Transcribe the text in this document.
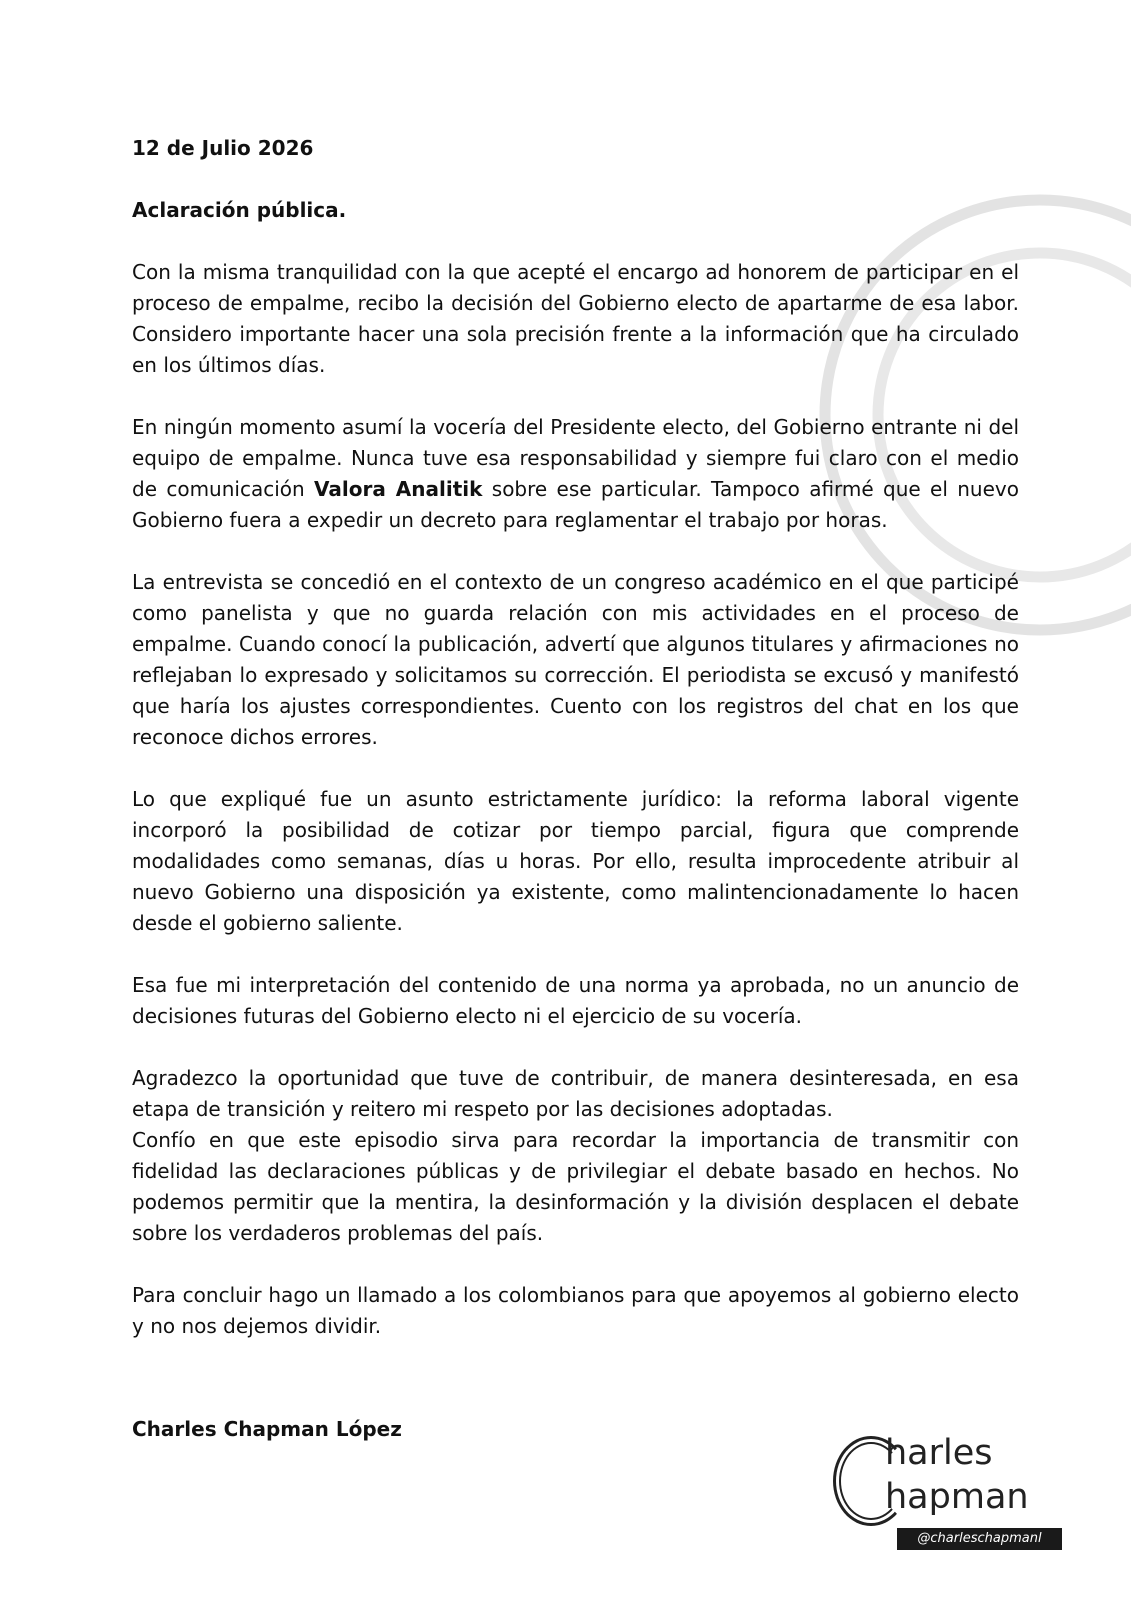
12 de Julio 2026
Aclaración pública.

Con la misma tranquilidad con la que acepté el encargo ad honorem de participar en el proceso de empalme, recibo la decisión del Gobierno electo de apartarme de esa labor. Considero importante hacer una sola precisión frente a la información que ha circulado en los últimos días.

En ningún momento asumí la vocería del Presidente electo, del Gobierno entrante ni del equipo de empalme. Nunca tuve esa responsabilidad y siempre fui claro con el medio de comunicación Valora Analitik sobre ese particular. Tampoco afirmé que el nuevo Gobierno fuera a expedir un decreto para reglamentar el trabajo por horas.

La entrevista se concedió en el contexto de un congreso académico en el que participé como panelista y que no guarda relación con mis actividades en el proceso de empalme. Cuando conocí la publicación, advertí que algunos titulares y afirmaciones no reflejaban lo expresado y solicitamos su corrección. El periodista se excusó y manifestó que haría los ajustes correspondientes. Cuento con los registros del chat en los que reconoce dichos errores.

Lo que expliqué fue un asunto estrictamente jurídico: la reforma laboral vigente incorporó la posibilidad de cotizar por tiempo parcial, figura que comprende modalidades como semanas, días u horas. Por ello, resulta improcedente atribuir al nuevo Gobierno una disposición ya existente, como malintencionadamente lo hacen desde el gobierno saliente.

Esa fue mi interpretación del contenido de una norma ya aprobada, no un anuncio de decisiones futuras del Gobierno electo ni el ejercicio de su vocería.

Agradezco la oportunidad que tuve de contribuir, de manera desinteresada, en esa etapa de transición y reitero mi respeto por las decisiones adoptadas.

Confío en que este episodio sirva para recordar la importancia de transmitir con fidelidad las declaraciones públicas y de privilegiar el debate basado en hechos. No podemos permitir que la mentira, la desinformación y la división desplacen el debate sobre los verdaderos problemas del país.

Para concluir hago un llamado a los colombianos para que apoyemos al gobierno electo y no nos dejemos dividir.

Charles Chapman López
harles
hapman
@charleschapmanl
